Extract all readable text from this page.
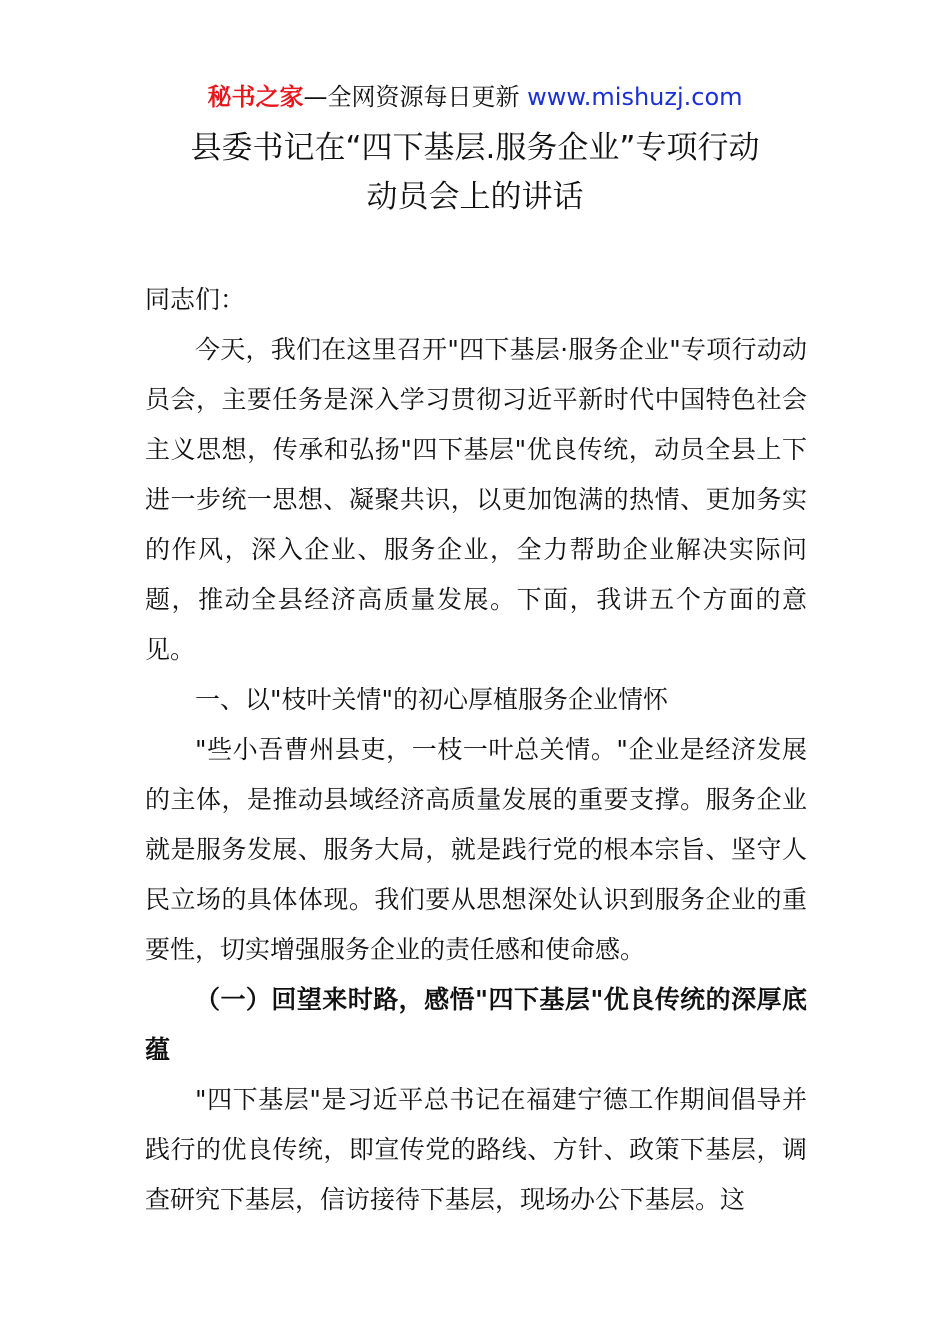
秘书之家—全网资源每日更新 www.mishuzj.com
县委书记在“四下基层.服务企业”专项行动
动员会上的讲话

同志们：

今天，我们在这里召开"四下基层·服务企业"专项行动动员会，主要任务是深入学习贯彻习近平新时代中国特色社会主义思想，传承和弘扬"四下基层"优良传统，动员全县上下进一步统一思想、凝聚共识，以更加饱满的热情、更加务实的作风，深入企业、服务企业，全力帮助企业解决实际问题，推动全县经济高质量发展。下面，我讲五个方面的意见。

一、以"枝叶关情"的初心厚植服务企业情怀

"些小吾曹州县吏，一枝一叶总关情。"企业是经济发展的主体，是推动县域经济高质量发展的重要支撑。服务企业就是服务发展、服务大局，就是践行党的根本宗旨、坚守人民立场的具体体现。我们要从思想深处认识到服务企业的重要性，切实增强服务企业的责任感和使命感。

（一）回望来时路，感悟"四下基层"优良传统的深厚底蕴

"四下基层"是习近平总书记在福建宁德工作期间倡导并践行的优良传统，即宣传党的路线、方针、政策下基层，调查研究下基层，信访接待下基层，现场办公下基层。这
